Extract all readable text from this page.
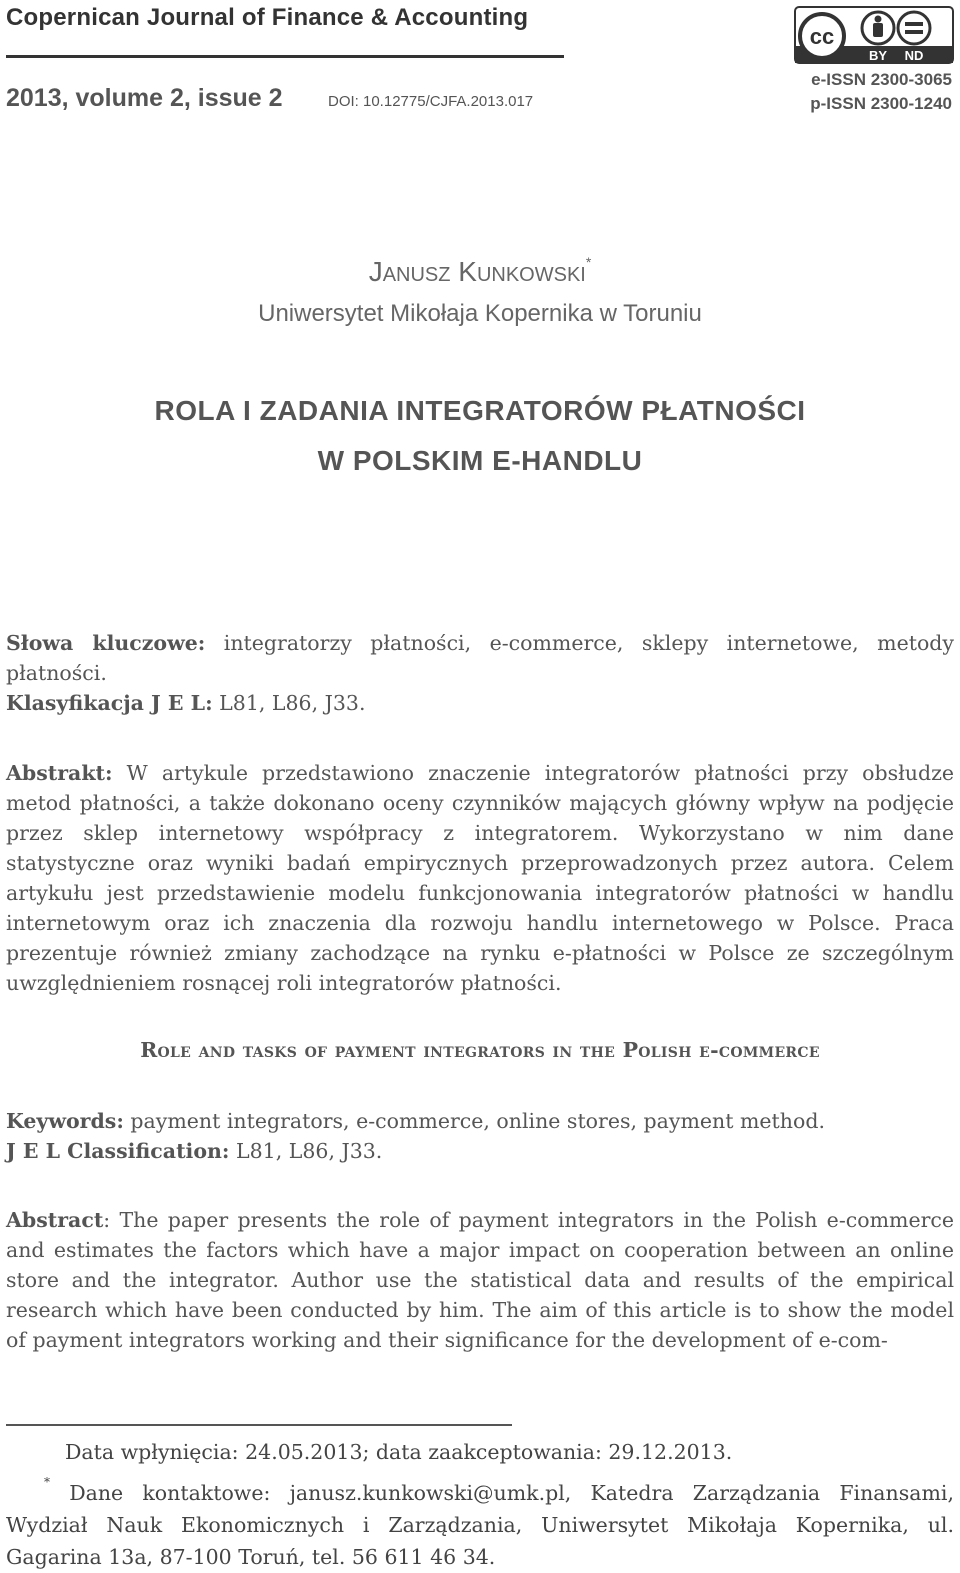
Copernican Journal of Finance & Accounting
2013, volume 2, issue 2	DOI: 10.12775/CJFA.2013.017
cc
BY ND
e-ISSN 2300-3065
p-ISSN 2300-1240
Janusz Kunkowski*
Uniwersytet Mikołaja Kopernika w Toruniu
ROLA I ZADANIA INTEGRATORÓW PŁATNOŚCI
W POLSKIM E-HANDLU
Słowa kluczowe: integratorzy płatności, e-commerce, sklepy internetowe, metody płatności.
Klasyfikacja J E L: L81, L86, J33.
Abstrakt: W artykule przedstawiono znaczenie integratorów płatności przy obsłudze metod płatności, a także dokonano oceny czynników mających główny wpływ na podjęcie przez sklep internetowy współpracy z integratorem. Wykorzystano w nim dane statystyczne oraz wyniki badań empirycznych przeprowadzonych przez autora. Celem artykułu jest przedstawienie modelu funkcjonowania integratorów płatności w handlu internetowym oraz ich znaczenia dla rozwoju handlu internetowego w Polsce. Praca prezentuje również zmiany zachodzące na rynku e-płatności w Polsce ze szczególnym uwzględnieniem rosnącej roli integratorów płatności.
Role and tasks of payment integrators in the Polish e-commerce
Keywords: payment integrators, e-commerce, online stores, payment method.
J E L Classification: L81, L86, J33.
Abstract: The paper presents the role of payment integrators in the Polish e-commerce and estimates the factors which have a major impact on cooperation between an online store and the integrator. Author use the statistical data and results of the empirical research which have been conducted by him. The aim of this article is to show the model of payment integrators working and their significance for the development of e-com-
Data wpłynięcia: 24.05.2013; data zaakceptowania: 29.12.2013.
* Dane kontaktowe: janusz.kunkowski@umk.pl, Katedra Zarządzania Finansami, Wydział Nauk Ekonomicznych i Zarządzania, Uniwersytet Mikołaja Kopernika, ul. Gagarina 13a, 87-100 Toruń, tel. 56 611 46 34.
